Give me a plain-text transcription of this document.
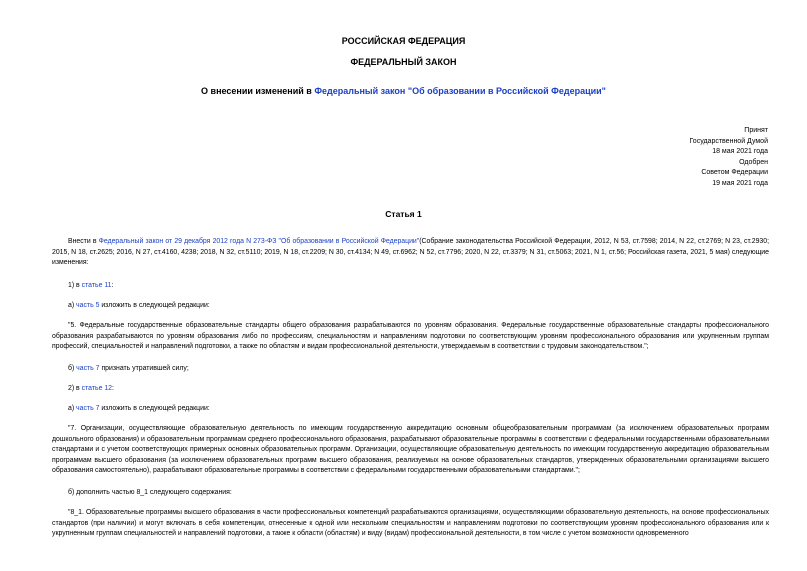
РОССИЙСКАЯ ФЕДЕРАЦИЯ
ФЕДЕРАЛЬНЫЙ ЗАКОН
О внесении изменений в Федеральный закон "Об образовании в Российской Федерации"
Принят
Государственной Думой
18 мая 2021 года
Одобрен
Советом Федерации
19 мая 2021 года
Статья 1
Внести в Федеральный закон от 29 декабря 2012 года N 273-ФЗ "Об образовании в Российской Федерации"(Собрание законодательства Российской Федерации, 2012, N 53, ст.7598; 2014, N 22, ст.2769; N 23, ст.2930; 2015, N 18, ст.2625; 2016, N 27, ст.4160, 4238; 2018, N 32, ст.5110; 2019, N 18, ст.2209; N 30, ст.4134; N 49, ст.6962; N 52, ст.7796; 2020, N 22, ст.3379; N 31, ст.5063; 2021, N 1, ст.56; Российская газета, 2021, 5 мая) следующие изменения:
1) в статье 11:
а) часть 5 изложить в следующей редакции:
"5. Федеральные государственные образовательные стандарты общего образования разрабатываются по уровням образования. Федеральные государственные образовательные стандарты профессионального образования разрабатываются по уровням образования либо по профессиям, специальностям и направлениям подготовки по соответствующим уровням профессионального образования или укрупненным группам профессий, специальностей и направлений подготовки, а также по областям и видам профессиональной деятельности, утверждаемым в соответствии с трудовым законодательством.";
б) часть 7 признать утратившей силу;
2) в статье 12:
а) часть 7 изложить в следующей редакции:
"7. Организации, осуществляющие образовательную деятельность по имеющим государственную аккредитацию основным общеобразовательным программам (за исключением образовательных программ дошкольного образования) и образовательным программам среднего профессионального образования, разрабатывают образовательные программы в соответствии с федеральными государственными образовательными стандартами и с учетом соответствующих примерных основных образовательных программ. Организации, осуществляющие образовательную деятельность по имеющим государственную аккредитацию образовательным программам высшего образования (за исключением образовательных программ высшего образования, реализуемых на основе образовательных стандартов, утвержденных образовательными организациями высшего образования самостоятельно), разрабатывают образовательные программы в соответствии с федеральными государственными образовательными стандартами.";
б) дополнить частью 8_1 следующего содержания:
"8_1. Образовательные программы высшего образования в части профессиональных компетенций разрабатываются организациями, осуществляющими образовательную деятельность, на основе профессиональных стандартов (при наличии) и могут включать в себя компетенции, отнесенные к одной или нескольким специальностям и направлениям подготовки по соответствующим уровням профессионального образования или к укрупненным группам специальностей и направлений подготовки, а также к области (областям) и виду (видам) профессиональной деятельности, в том числе с учетом возможности одновременного
